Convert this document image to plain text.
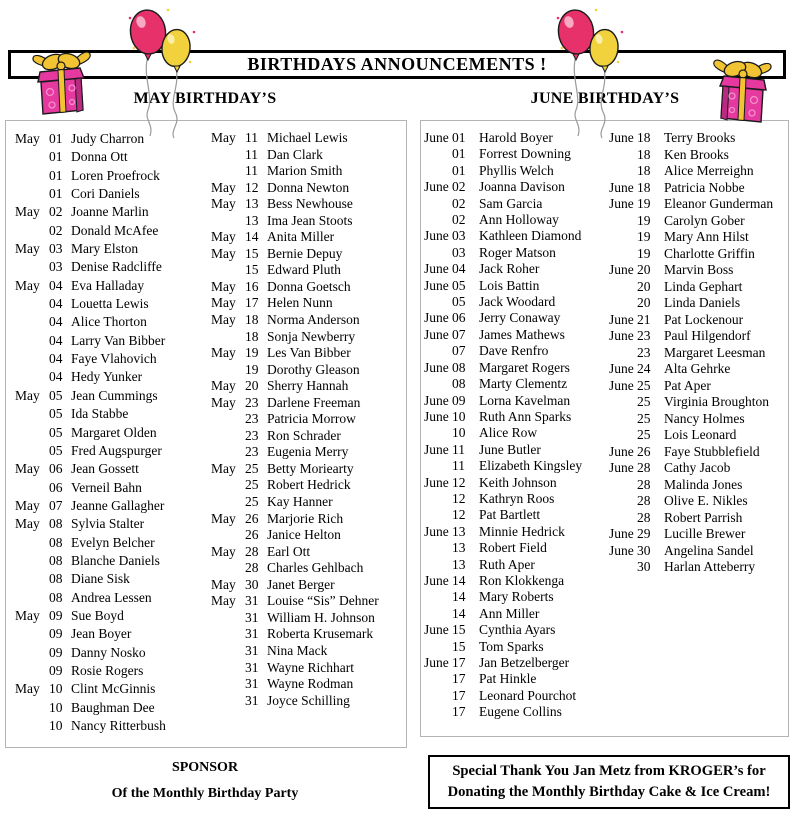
BIRTHDAYS ANNOUNCEMENTS !
MAY BIRTHDAY’S	JUNE BIRTHDAY’S
May 01 Judy Charron
01 Donna Ott
01 Loren Proefrock
01 Cori Daniels
May 02 Joanne Marlin
02 Donald McAfee
May 03 Mary Elston
03 Denise Radcliffe
May 04 Eva Halladay
04 Louetta Lewis
04 Alice Thorton
04 Larry Van Bibber
04 Faye Vlahovich
04 Hedy Yunker
May 05 Jean Cummings
05 Ida Stabbe
05 Margaret Olden
05 Fred Augspurger
May 06 Jean Gossett
06 Verneil Bahn
May 07 Jeanne Gallagher
May 08 Sylvia Stalter
08 Evelyn Belcher
08 Blanche Daniels
08 Diane Sisk
08 Andrea Lessen
May 09 Sue Boyd
09 Jean Boyer
09 Danny Nosko
09 Rosie Rogers
May 10 Clint McGinnis
10 Baughman Dee
10 Nancy Ritterbush
May 11 Michael Lewis
11 Dan Clark
11 Marion Smith
May 12 Donna Newton
May 13 Bess Newhouse
13 Ima Jean Stoots
May 14 Anita Miller
May 15 Bernie Depuy
15 Edward Pluth
May 16 Donna Goetsch
May 17 Helen Nunn
May 18 Norma Anderson
18 Sonja Newberry
May 19 Les Van Bibber
19 Dorothy Gleason
May 20 Sherry Hannah
May 23 Darlene Freeman
23 Patricia Morrow
23 Ron Schrader
23 Eugenia Merry
May 25 Betty Moriearty
25 Robert Hedrick
25 Kay Hanner
May 26 Marjorie Rich
26 Janice Helton
May 28 Earl Ott
28 Charles Gehlbach
May 30 Janet Berger
May 31 Louise “Sis” Dehner
31 William H. Johnson
31 Roberta Krusemark
31 Nina Mack
31 Wayne Richhart
31 Wayne Rodman
31 Joyce Schilling
June 01 Harold Boyer
01 Forrest Downing
01 Phyllis Welch
June 02 Joanna Davison
02 Sam Garcia
02 Ann Holloway
June 03 Kathleen Diamond
03 Roger Matson
June 04 Jack Roher
June 05 Lois Battin
05 Jack Woodard
June 06 Jerry Conaway
June 07 James Mathews
07 Dave Renfro
June 08 Margaret Rogers
08 Marty Clementz
June 09 Lorna Kavelman
June 10 Ruth Ann Sparks
10 Alice Row
June 11 June Butler
11 Elizabeth Kingsley
June 12 Keith Johnson
12 Kathryn Roos
12 Pat Bartlett
June 13 Minnie Hedrick
13 Robert Field
13 Ruth Aper
June 14 Ron Klokkenga
14 Mary Roberts
14 Ann Miller
June 15 Cynthia Ayars
15 Tom Sparks
June 17 Jan Betzelberger
17 Pat Hinkle
17 Leonard Pourchot
17 Eugene Collins
June 18 Terry Brooks
18 Ken Brooks
18 Alice Merreighn
June 18 Patricia Nobbe
June 19 Eleanor Gunderman
19 Carolyn Gober
19 Mary Ann Hilst
19 Charlotte Griffin
June 20 Marvin Boss
20 Linda Gephart
20 Linda Daniels
June 21 Pat Lockenour
June 23 Paul Hilgendorf
23 Margaret Leesman
June 24 Alta Gehrke
June 25 Pat Aper
25 Virginia Broughton
25 Nancy Holmes
25 Lois Leonard
June 26 Faye Stubblefield
June 28 Cathy Jacob
28 Malinda Jones
28 Olive E. Nikles
28 Robert Parrish
June 29 Lucille Brewer
June 30 Angelina Sandel
30 Harlan Atteberry
SPONSOR
Of the Monthly Birthday Party
Special Thank You Jan Metz from KROGER’s for
Donating the Monthly Birthday Cake & Ice Cream!
